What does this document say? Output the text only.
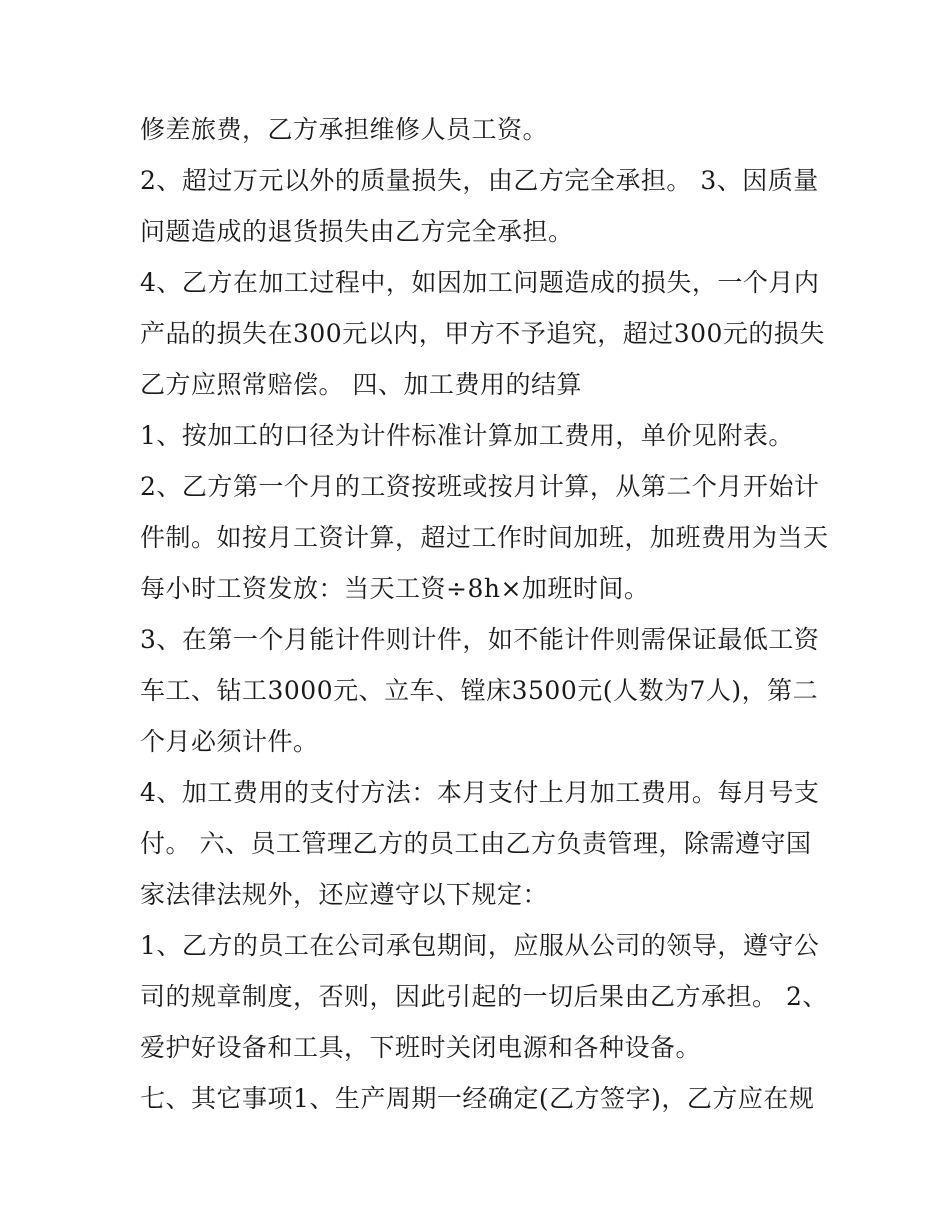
修差旅费，乙方承担维修人员工资。
2、超过万元以外的质量损失，由乙方完全承担。 3、因质量
问题造成的退货损失由乙方完全承担。
4、乙方在加工过程中，如因加工问题造成的损失，一个月内
产品的损失在300元以内，甲方不予追究，超过300元的损失
乙方应照常赔偿。 四、加工费用的结算
1、按加工的口径为计件标准计算加工费用，单价见附表。
2、乙方第一个月的工资按班或按月计算，从第二个月开始计
件制。如按月工资计算，超过工作时间加班，加班费用为当天
每小时工资发放：当天工资÷8h×加班时间。
3、在第一个月能计件则计件，如不能计件则需保证最低工资
车工、钻工3000元、立车、镗床3500元(人数为7人)，第二
个月必须计件。
4、加工费用的支付方法：本月支付上月加工费用。每月号支
付。 六、员工管理乙方的员工由乙方负责管理，除需遵守国
家法律法规外，还应遵守以下规定：
1、乙方的员工在公司承包期间，应服从公司的领导，遵守公
司的规章制度，否则，因此引起的一切后果由乙方承担。 2、
爱护好设备和工具，下班时关闭电源和各种设备。
七、其它事项1、生产周期一经确定(乙方签字)，乙方应在规
